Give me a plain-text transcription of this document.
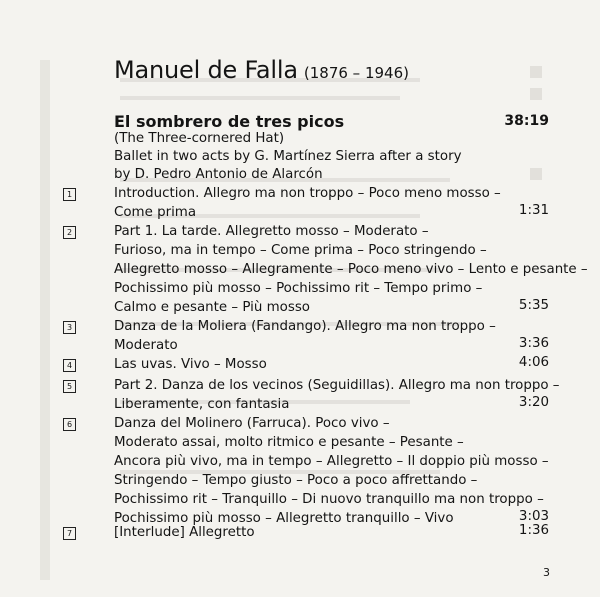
Manuel de Falla (1876 – 1946)
El sombrero de tres picos	38:19
(The Three-cornered Hat)
Ballet in two acts by G. Martínez Sierra after a story
by D. Pedro Antonio de Alarcón
1	Introduction. Allegro ma non troppo – Poco meno mosso –
Come prima	1:31
2	Part 1. La tarde. Allegretto mosso – Moderato –
Furioso, ma in tempo – Come prima – Poco stringendo –
Allegretto mosso – Allegramente – Poco meno vivo – Lento e pesante –
Pochissimo più mosso – Pochissimo rit – Tempo primo –
Calmo e pesante – Più mosso	5:35
3	Danza de la Moliera (Fandango). Allegro ma non troppo –
Moderato	3:36
4	Las uvas. Vivo – Mosso	4:06
5	Part 2. Danza de los vecinos (Seguidillas). Allegro ma non troppo –
Liberamente, con fantasia	3:20
6	Danza del Molinero (Farruca). Poco vivo –
Moderato assai, molto ritmico e pesante – Pesante –
Ancora più vivo, ma in tempo – Allegretto – Il doppio più mosso –
Stringendo – Tempo giusto – Poco a poco affrettando –
Pochissimo rit – Tranquillo – Di nuovo tranquillo ma non troppo –
Pochissimo più mosso – Allegretto tranquillo – Vivo	3:03
7	[Interlude] Allegretto	1:36
3
